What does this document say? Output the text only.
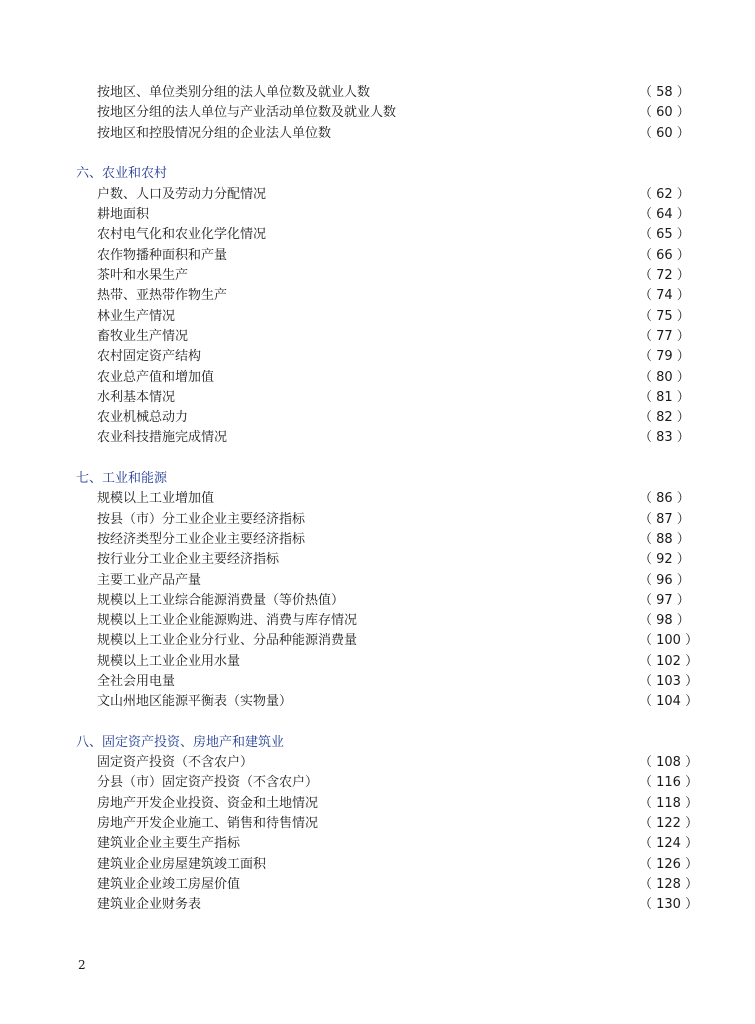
按地区、单位类别分组的法人单位数及就业人数	（ 58 ）
按地区分组的法人单位与产业活动单位数及就业人数	（ 60 ）
按地区和控股情况分组的企业法人单位数	（ 60 ）
六、农业和农村
户数、人口及劳动力分配情况	（ 62 ）
耕地面积	（ 64 ）
农村电气化和农业化学化情况	（ 65 ）
农作物播种面积和产量	（ 66 ）
茶叶和水果生产	（ 72 ）
热带、亚热带作物生产	（ 74 ）
林业生产情况	（ 75 ）
畜牧业生产情况	（ 77 ）
农村固定资产结构	（ 79 ）
农业总产值和增加值	（ 80 ）
水利基本情况	（ 81 ）
农业机械总动力	（ 82 ）
农业科技措施完成情况	（ 83 ）
七、工业和能源
规模以上工业增加值	（ 86 ）
按县（市）分工业企业主要经济指标	（ 87 ）
按经济类型分工业企业主要经济指标	（ 88 ）
按行业分工业企业主要经济指标	（ 92 ）
主要工业产品产量	（ 96 ）
规模以上工业综合能源消费量（等价热值）	（ 97 ）
规模以上工业企业能源购进、消费与库存情况	（ 98 ）
规模以上工业企业分行业、分品种能源消费量	（ 100 ）
规模以上工业企业用水量	（ 102 ）
全社会用电量	（ 103 ）
文山州地区能源平衡表（实物量）	（ 104 ）
八、固定资产投资、房地产和建筑业
固定资产投资（不含农户）	（ 108 ）
分县（市）固定资产投资（不含农户）	（ 116 ）
房地产开发企业投资、资金和土地情况	（ 118 ）
房地产开发企业施工、销售和待售情况	（ 122 ）
建筑业企业主要生产指标	（ 124 ）
建筑业企业房屋建筑竣工面积	（ 126 ）
建筑业企业竣工房屋价值	（ 128 ）
建筑业企业财务表	（ 130 ）
2
